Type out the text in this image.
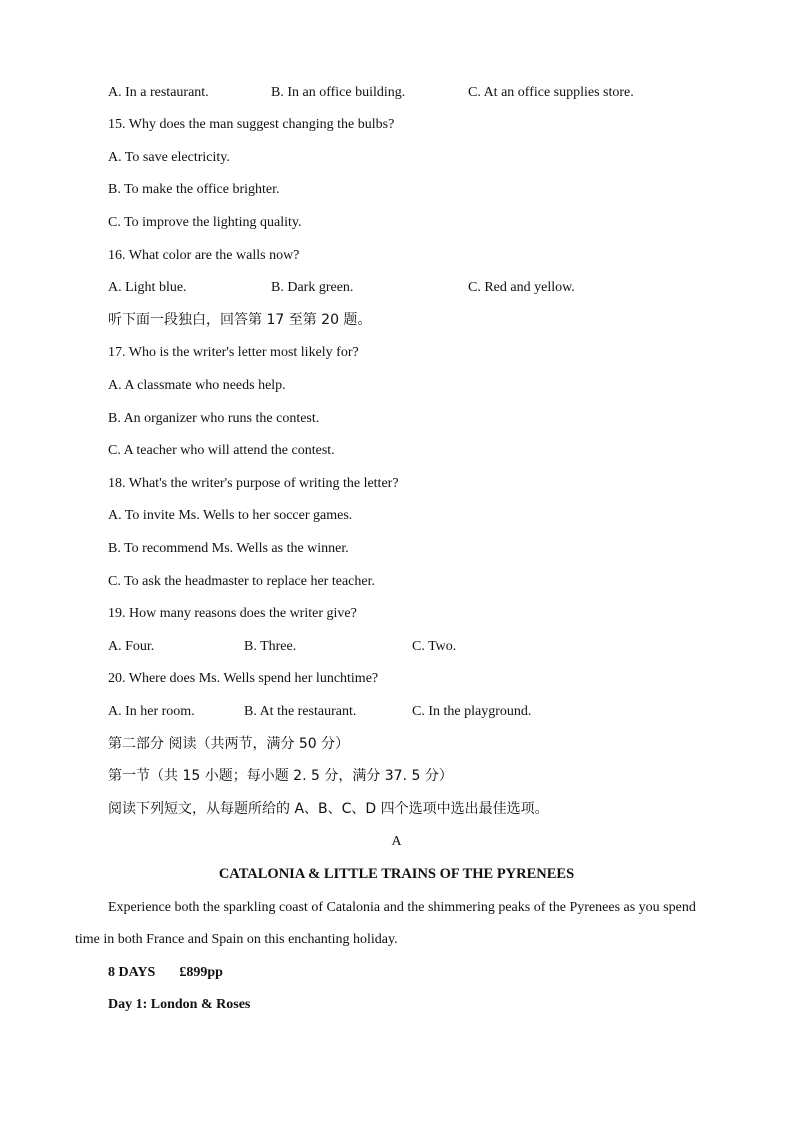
A. In a restaurant.	B. In an office building.	C. At an office supplies store.
15. Why does the man suggest changing the bulbs?
A. To save electricity.
B. To make the office brighter.
C. To improve the lighting quality.
16. What color are the walls now?
A. Light blue.	B. Dark green.	C. Red and yellow.
听下面一段独白，回答第 17 至第 20 题。
17. Who is the writer's letter most likely for?
A. A classmate who needs help.
B. An organizer who runs the contest.
C. A teacher who will attend the contest.
18. What's the writer's purpose of writing the letter?
A. To invite Ms. Wells to her soccer games.
B. To recommend Ms. Wells as the winner.
C. To ask the headmaster to replace her teacher.
19. How many reasons does the writer give?
A. Four.	B. Three.	C. Two.
20. Where does Ms. Wells spend her lunchtime?
A. In her room.	B. At the restaurant.	C. In the playground.
第二部分 阅读（共两节，满分 50 分）
第一节（共 15 小题；每小题 2. 5 分，满分 37. 5 分）
阅读下列短文，从每题所给的 A、B、C、D 四个选项中选出最佳选项。
A
CATALONIA & LITTLE TRAINS OF THE PYRENEES
Experience both the sparkling coast of Catalonia and the shimmering peaks of the Pyrenees as you spend time in both France and Spain on this enchanting holiday.
8 DAYS £899pp
Day 1: London & Roses
